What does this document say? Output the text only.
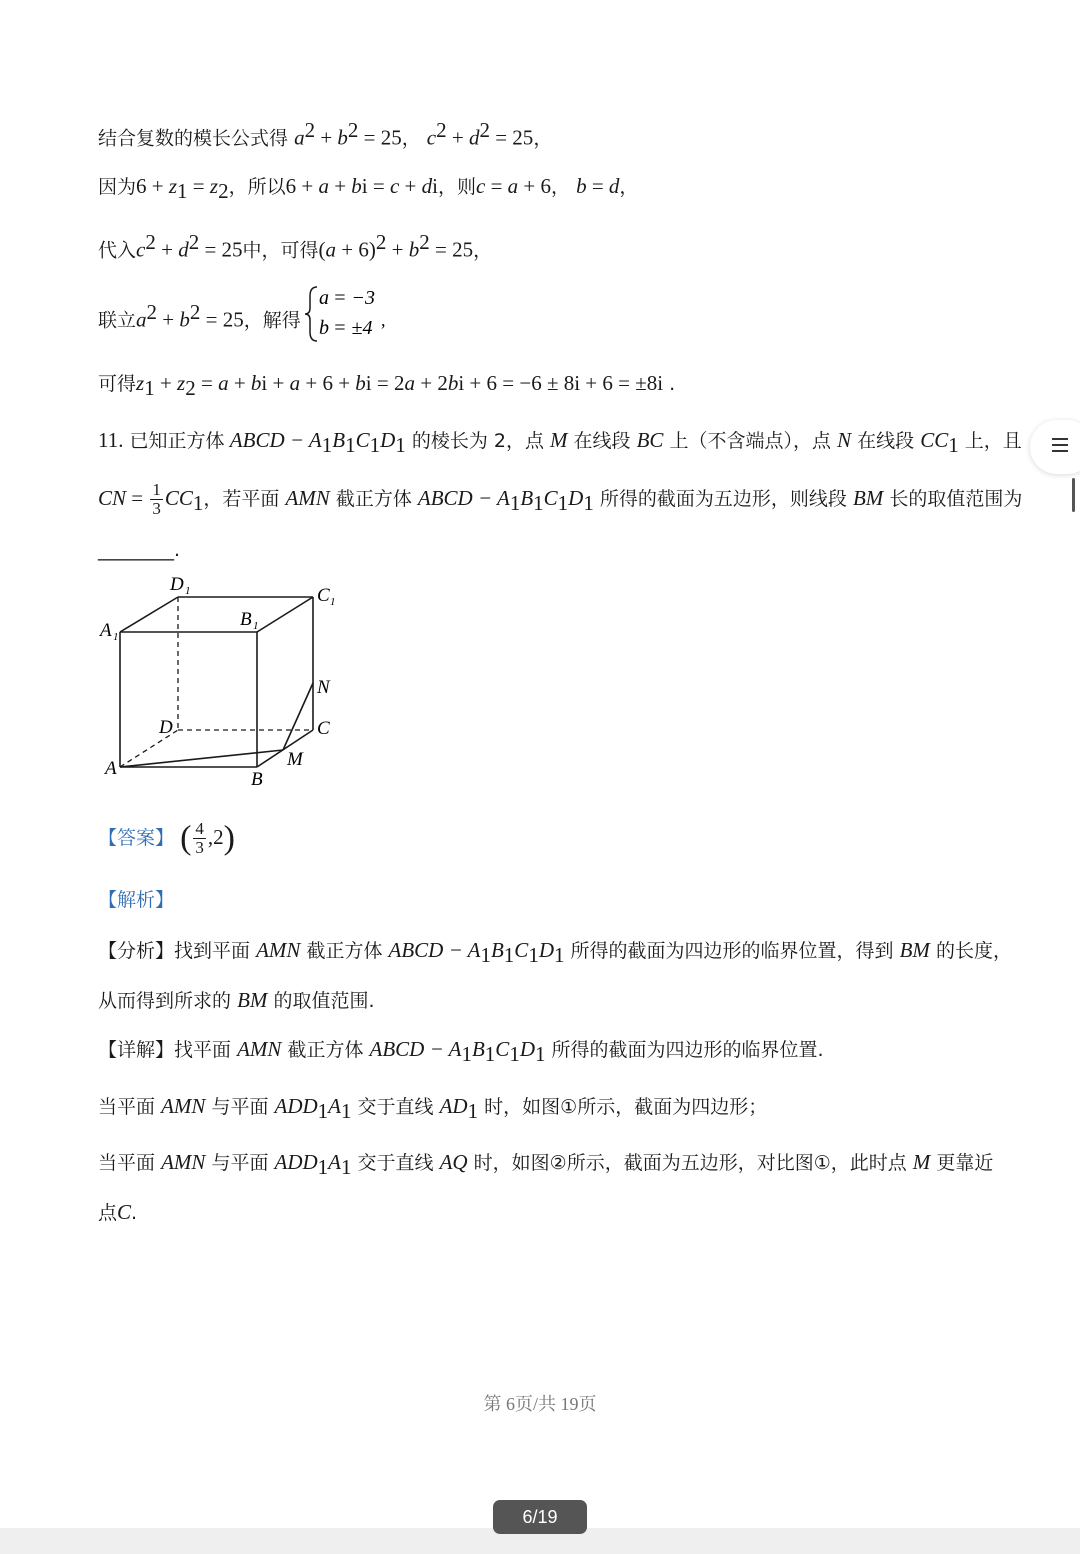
结合复数的模长公式得 $a^2 + b^2 = 25$， $c^2 + d^2 = 25$，
因为$6 + z_1 = z_2$，所以6 + a + bi = c + di，则c = a + 6， b = d，
代入$c^2 + d^2 = 25$中，可得$(a + 6)^2 + b^2 = 25$，
联立$a^2 + b^2 = 25$，解得
a = −3
b = ±4 ,
可得$z_1 + z_2 = a$ + bi + a + 6 + bi = 2a + 2bi + 6 = −6 ± 8i + 6 = ±8i .
11. 已知正方体 ABCD − $A_1B_1C_1D_1$ 的棱长为 2，点 M 在线段 BC 上（不含端点），点 N 在线段 $CC_1$ 上，且
CN = $\frac{1}{3} CC_1$，若平面 AMN 截正方体 ABCD − $A_1B_1C_1D_1$ 所得的截面为五边形，则线段 BM 长的取值范围为
________.
D 1	C 1
A 1
B 1
N
D	C
A	M
B
【答案】 ( $\frac{4}{3} ,2$)
【解析】
【分析】找到平面 AMN 截正方体 ABCD − $A_1B_1C_1D_1$ 所得的截面为四边形的临界位置，得到 BM 的长度，
从而得到所求的 BM 的取值范围.
【详解】找平面 AMN 截正方体 ABCD − $A_1B_1C_1D_1$ 所得的截面为四边形的临界位置.
当平面 AMN 与平面 $ADD_1A_1$ 交于直线 $AD_1$ 时，如图①所示，截面为四边形；
当平面 AMN 与平面 $ADD_1A_1$ 交于直线 AQ 时，如图②所示，截面为五边形，对比图①，此时点 M 更靠近
点C.
第 6页/共 19页
6/19
